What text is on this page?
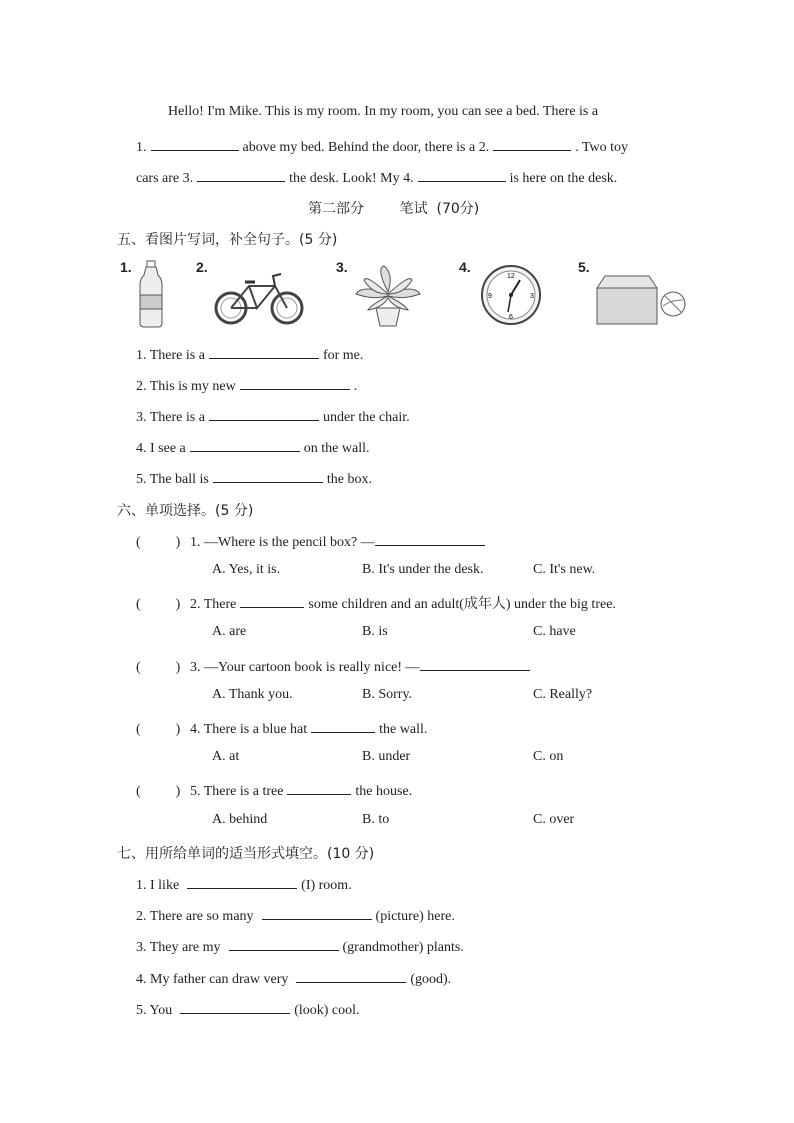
Hello! I'm Mike. This is my room. In my room, you can see a bed. There is a
1.	above my bed. Behind the door, there is a 2.	. Two toy
cars are 3.	the desk. Look! My 4.	is here on the desk.
第二部分        笔试  (70分)
五、看图片写词，补全句子。(5 分)
1.	2.	3.	4.	5.
12
3
6
9
1. There is a	for me.
2. This is my new	.
3. There is a	under the chair.
4. I see a	on the wall.
5. The ball is	the box.
六、单项选择。(5 分)
(          ) 1. —Where is the pencil box? —
A. Yes, it is.	B. It's under the desk.	C. It's new.
(          ) 2. There	some children and an adult(成年人) under the big tree.
A. are	B. is	C. have
(          ) 3. —Your cartoon book is really nice! —
A. Thank you.	B. Sorry.	C. Really?
(          ) 4. There is a blue hat	the wall.
A. at	B. under	C. on
(          ) 5. There is a tree	the house.
A. behind	B. to	C. over
七、用所给单词的适当形式填空。(10 分)
1. I like	(I) room.
2. There are so many	(picture) here.
3. They are my	(grandmother) plants.
4. My father can draw very	(good).
5. You	(look) cool.
